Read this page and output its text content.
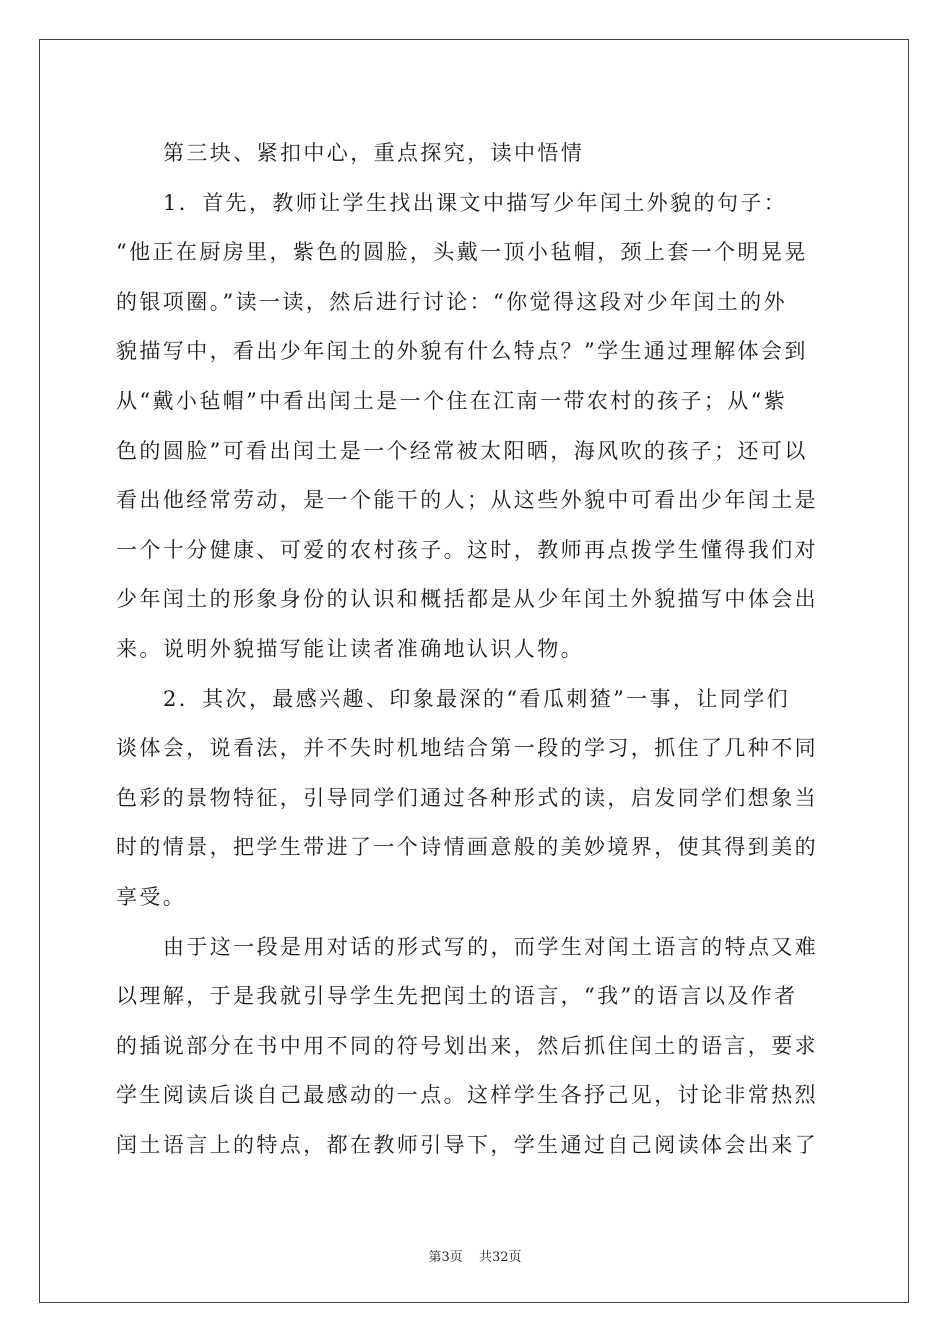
第三块、紧扣中心，重点探究，读中悟情
1．首先，教师让学生找出课文中描写少年闰土外貌的句子：
“他正在厨房里，紫色的圆脸，头戴一顶小毡帽，颈上套一个明晃晃
的银项圈。”读一读，然后进行讨论：“你觉得这段对少年闰土的外
貌描写中，看出少年闰土的外貌有什么特点？”学生通过理解体会到
从“戴小毡帽”中看出闰土是一个住在江南一带农村的孩子；从“紫
色的圆脸”可看出闰土是一个经常被太阳晒，海风吹的孩子；还可以
看出他经常劳动，是一个能干的人；从这些外貌中可看出少年闰土是
一个十分健康、可爱的农村孩子。这时，教师再点拨学生懂得我们对
少年闰土的形象身份的认识和概括都是从少年闰土外貌描写中体会出
来。说明外貌描写能让读者准确地认识人物。
2．其次，最感兴趣、印象最深的“看瓜刺猹”一事，让同学们
谈体会，说看法，并不失时机地结合第一段的学习，抓住了几种不同
色彩的景物特征，引导同学们通过各种形式的读，启发同学们想象当
时的情景，把学生带进了一个诗情画意般的美妙境界，使其得到美的
享受。
由于这一段是用对话的形式写的，而学生对闰土语言的特点又难
以理解，于是我就引导学生先把闰土的语言，“我”的语言以及作者
的插说部分在书中用不同的符号划出来，然后抓住闰土的语言，要求
学生阅读后谈自己最感动的一点。这样学生各抒己见，讨论非常热烈
闰土语言上的特点，都在教师引导下，学生通过自己阅读体会出来了
第3页 共32页
